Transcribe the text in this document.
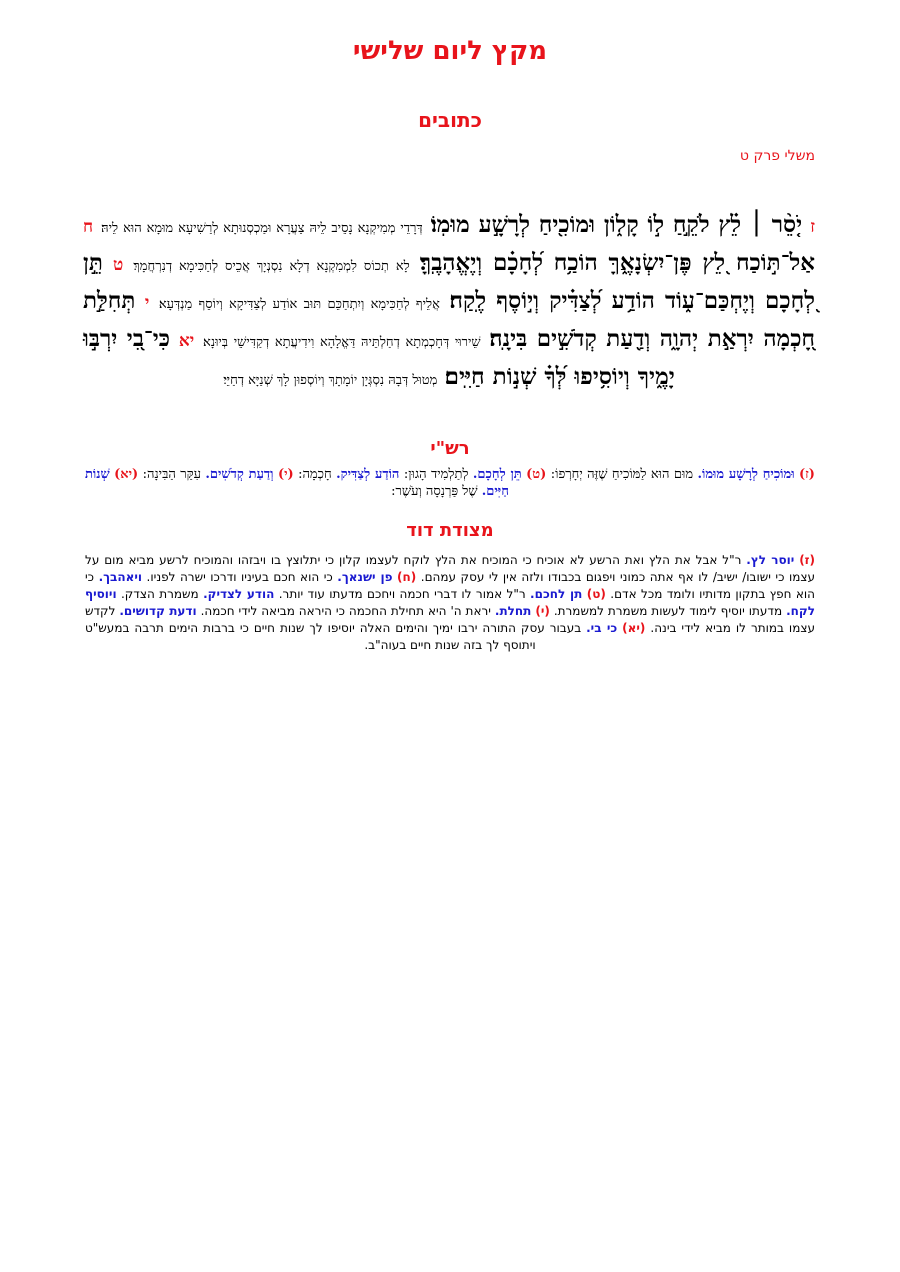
מקץ ליום שלישי
כתובים
משלי פרק ט
ז יֹ֤סֵ֨ר ׀ לֵ֗ץ לֹקֵ֣חַ ל֣וֹ קָל֑וֹן וּמוֹכִ֖יחַ לְרָשָׁ֣ע מוּמֽוֹ׃ דְּרָדֵי מְמִיקְנָא נָסֵיב לֵיהּ צַעֲרָא וּמַכְסְנוּתָא לְרַשִׁיעָא מוּמָא הוּא לֵיהּ׃ ח אַל־תּ֣וֹכַח לֵ֭ץ פֶּן־יִשְׂנָאֶ֑ךָּ הוֹכַ֥ח לְ֝חָכָ֗ם וְיֶאֱהָבֶֽךָּ׃ לָא תְכוֹס לִמְמִקְנָא דְלָא נִסְנְיָךְ אֲכֵיס לְחַכִּימָא דְנִרְחֲמָךְ׃ ט תֵּ֣ן לְ֭חָכָם וְיֶחְכַּם־ע֑וֹד הוֹדַ֥ע לְ֝צַדִּ֗יק וְי֣וֹסֶף לֶֽקַח׃ אֲלֵיף לְחַכִּימָא וְיִתְחַכֵּם תּוּב אוֹדַע לְצַדִּיקָא וְיוֹסֵף מַנְדְּעָא׃ י תְּחִלַּ֣ת חָ֭כְמָה יִרְאַ֣ת יְהוָ֑ה וְדַ֖עַת קְדֹשִׁ֣ים בִּינָֽה׃ שֵׁירוּי דְּחָכְמְתָא דְחַלְתֵּיהּ דַּאֱלָהָא וִידִיעֲתָא דְקַדִּישֵׁי בְּיוּנָא׃ יא כִּי־בִ֭י יִרְבּ֣וּ יָמֶ֑יךָ וְיוֹסִ֥יפוּ לְּ֝ךָ֗ שְׁנ֣וֹת חַיִּֽים׃ מְטוּל דְּבָהּ נִסְגְּיָן יוֹמָתָךְ וְיוֹסְפוּן לָךְ שְׁנַיָּא דְחַיֵּי׃
רש"י
(ז) וּמוֹכִיחַ לְרָשָׁע מוּמוֹ. מוּם הוּא לַמּוֹכִיחַ שֶׁזֶּה יְחָרְפוֹ: (ט) תֵּן לְחָכָם. לְתַלְמִיד הָגוּן: הוֹדַע לְצַדִּיק. חָכְמָה: (י) וְדַעַת קְדֹשִׁים. עִקַּר הַבִּינָה: (יא) שְׁנוֹת חַיִּים. שֶׁל פַּרְנָסָה וְעֹשֶׁר:
מצודת דוד
(ז) יוסר לץ. ר"ל אבל את הלץ ואת הרשע לא אוכיח כי המוכיח את הלץ לוקח לעצמו קלון כי יתלוצץ בו ויבזהו והמוכיח לרשע מביא מום על עצמו כי ישובו/ ישיב/ לו אף אתה כמוני ויפגום בכבודו ולזה אין לי עסק עמהם. (ח) פן ישנאך. כי הוא חכם בעיניו ודרכו ישרה לפניו. ויאהבך. כי הוא חפץ בתקון מדותיו ולומד מכל אדם. (ט) תן לחכם. ר"ל אמור לו דברי חכמה ויחכם מדעתו עוד יותר. הודע לצדיק. משמרת הצדק. ויוסיף לקח. מדעתו יוסיף לימוד לעשות משמרת למשמרת. (י) תחלת. יראת ה' היא תחילת החכמה כי היראה מביאה לידי חכמה. ודעת קדושים. לקדש עצמו במותר לו מביא לידי בינה. (יא) כי בי. בעבור עסק התורה ירבו ימיך והימים האלה יוסיפו לך שנות חיים כי ברבות הימים תרבה במעש"ט ויתוסף לך בזה שנות חיים בעוה"ב.
